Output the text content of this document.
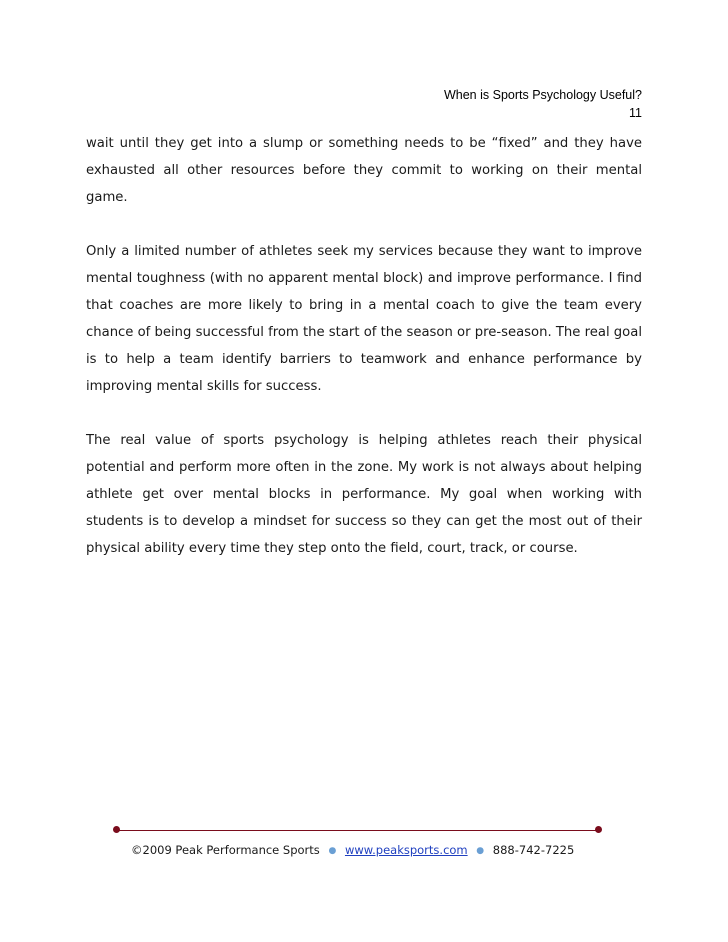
When is Sports Psychology Useful?
11

wait until they get into a slump or something needs to be “fixed” and they have exhausted all other resources before they commit to working on their mental game.

Only a limited number of athletes seek my services because they want to improve mental toughness (with no apparent mental block) and improve performance. I find that coaches are more likely to bring in a mental coach to give the team every chance of being successful from the start of the season or pre-season. The real goal is to help a team identify barriers to teamwork and enhance performance by improving mental skills for success.

The real value of sports psychology is helping athletes reach their physical potential and perform more often in the zone. My work is not always about helping athlete get over mental blocks in performance. My goal when working with students is to develop a mindset for success so they can get the most out of their physical ability every time they step onto the field, court, track, or course.

©2009 Peak Performance Sports ● www.peaksports.com ● 888-742-7225
